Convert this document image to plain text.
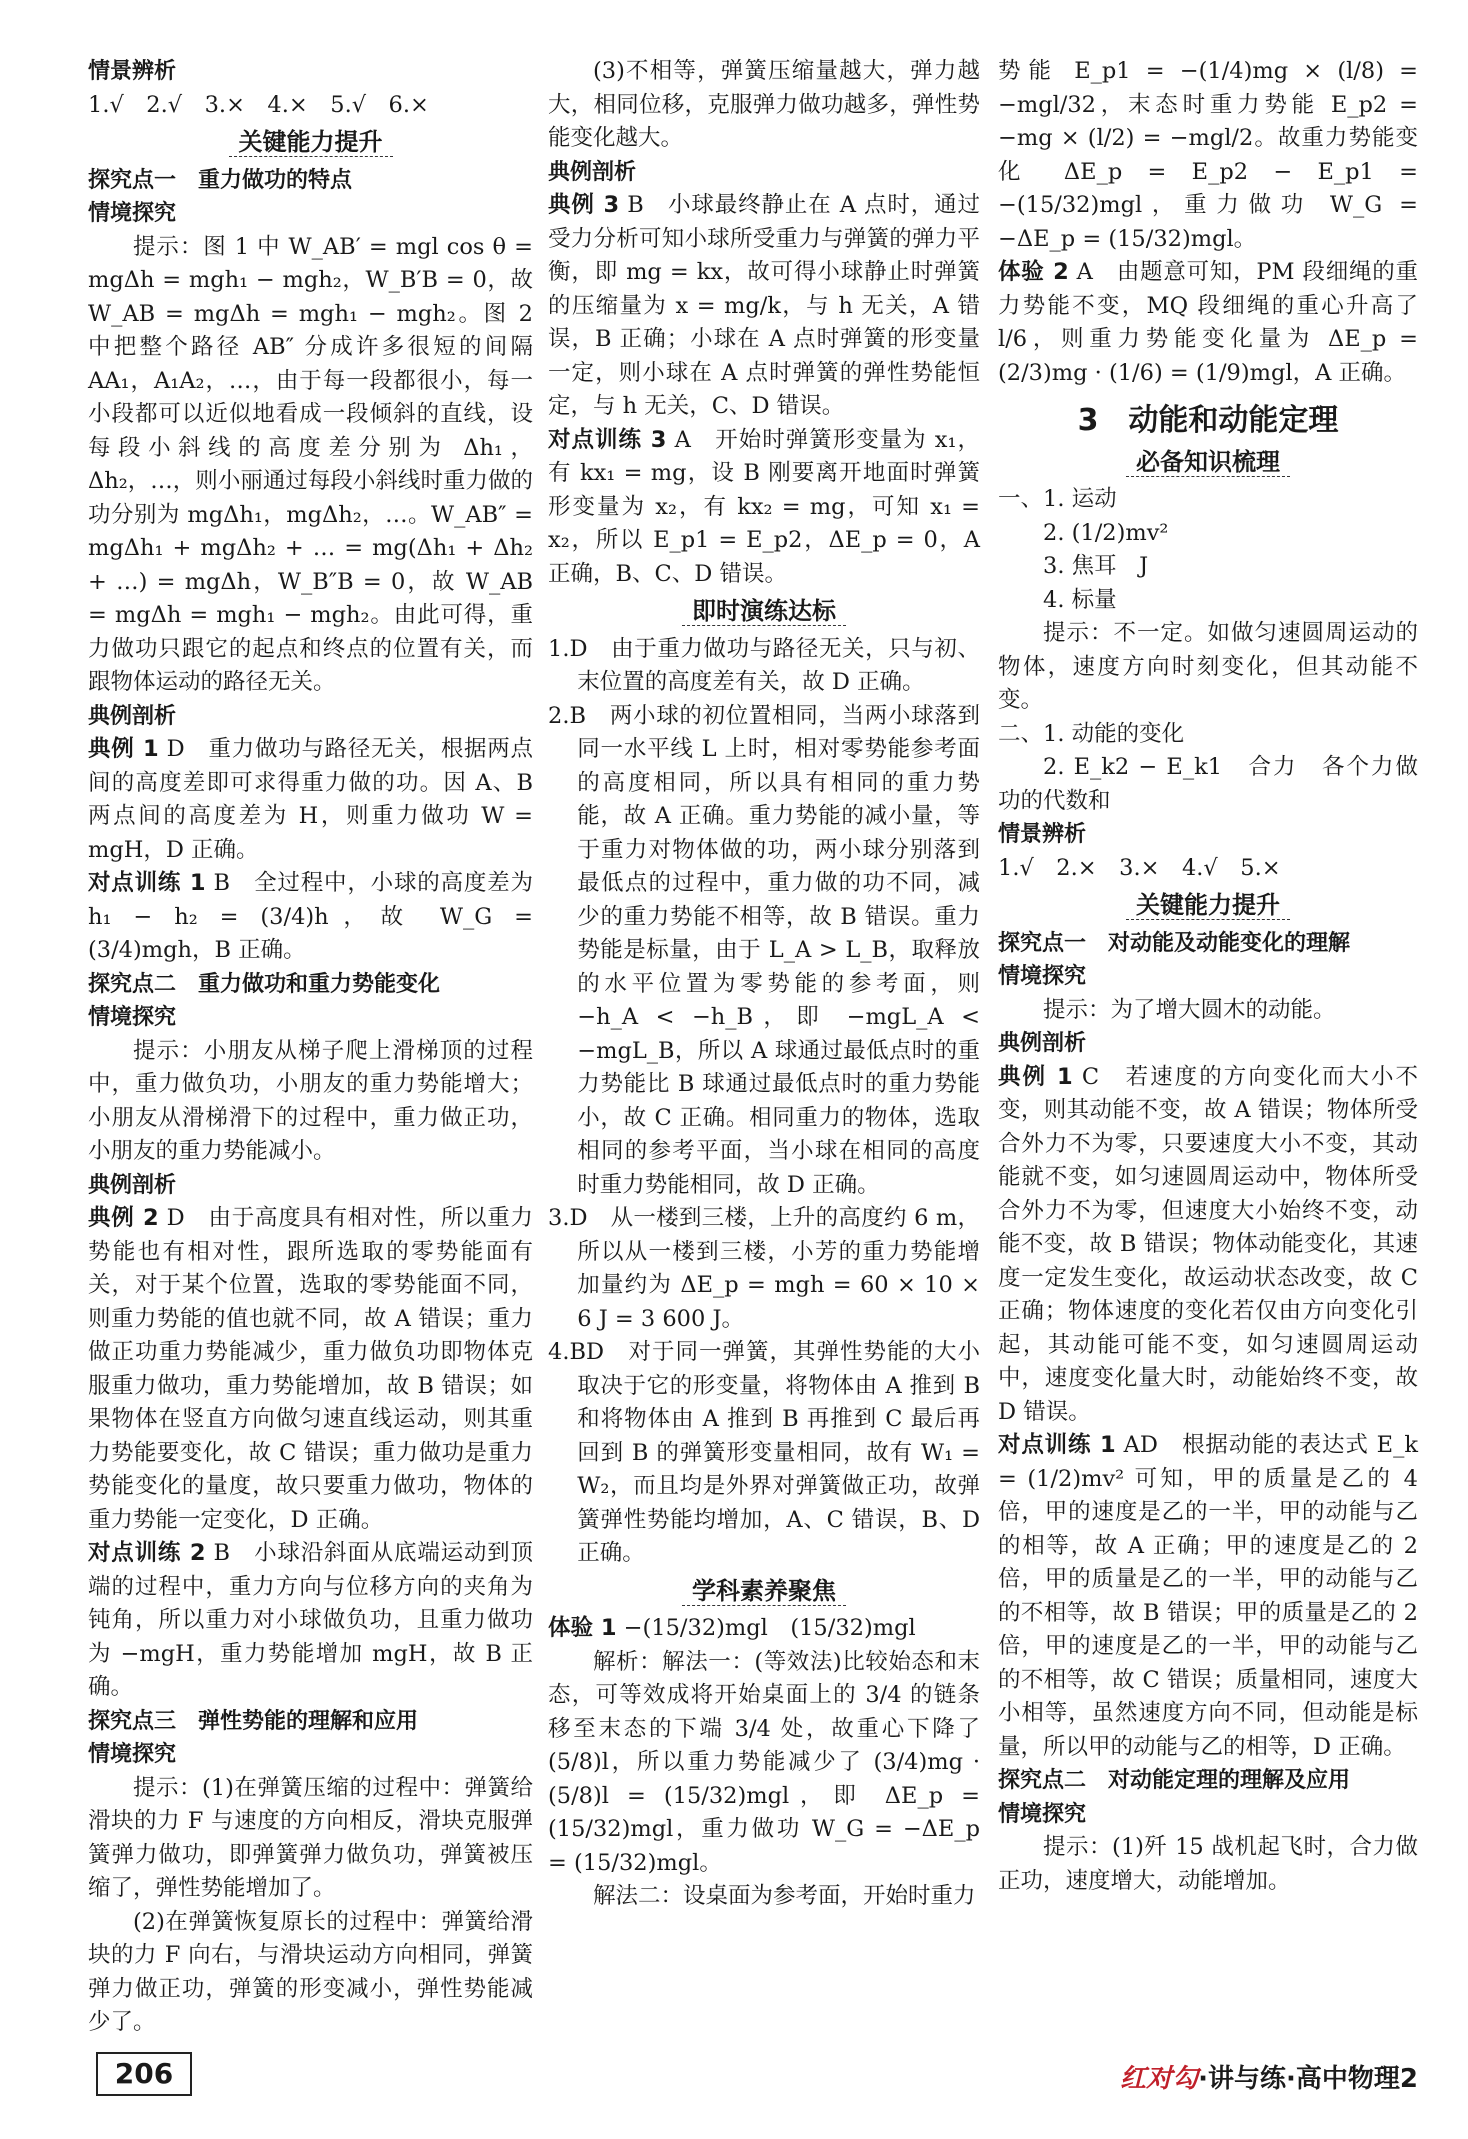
情景辨析

1.√　2.√　3.×　4.×　5.√　6.×

关键能力提升
探究点一　重力做功的特点
情境探究

提示：图 1 中 W_AB′ = mgl cos θ = mgΔh = mgh₁ − mgh₂，W_B′B = 0，故 W_AB = mgΔh = mgh₁ − mgh₂。图 2 中把整个路径 AB″ 分成许多很短的间隔 AA₁，A₁A₂，…，由于每一段都很小，每一小段都可以近似地看成一段倾斜的直线，设每段小斜线的高度差分别为 Δh₁，Δh₂，…，则小丽通过每段小斜线时重力做的功分别为 mgΔh₁，mgΔh₂，…。W_AB″ = mgΔh₁ + mgΔh₂ + … = mg(Δh₁ + Δh₂ + …) = mgΔh，W_B″B = 0，故 W_AB = mgΔh = mgh₁ − mgh₂。由此可得，重力做功只跟它的起点和终点的位置有关，而跟物体运动的路径无关。

典例剖析

典例 1 D　重力做功与路径无关，根据两点间的高度差即可求得重力做的功。因 A、B 两点间的高度差为 H，则重力做功 W = mgH，D 正确。

对点训练 1 B　全过程中，小球的高度差为 h₁ − h₂ = (3/4)h，故 W_G = (3/4)mgh，B 正确。

探究点二　重力做功和重力势能变化
情境探究

提示：小朋友从梯子爬上滑梯顶的过程中，重力做负功，小朋友的重力势能增大；小朋友从滑梯滑下的过程中，重力做正功，小朋友的重力势能减小。

典例剖析

典例 2 D　由于高度具有相对性，所以重力势能也有相对性，跟所选取的零势能面有关，对于某个位置，选取的零势能面不同，则重力势能的值也就不同，故 A 错误；重力做正功重力势能减少，重力做负功即物体克服重力做功，重力势能增加，故 B 错误；如果物体在竖直方向做匀速直线运动，则其重力势能要变化，故 C 错误；重力做功是重力势能变化的量度，故只要重力做功，物体的重力势能一定变化，D 正确。

对点训练 2 B　小球沿斜面从底端运动到顶端的过程中，重力方向与位移方向的夹角为钝角，所以重力对小球做负功，且重力做功为 −mgH，重力势能增加 mgH，故 B 正确。

探究点三　弹性势能的理解和应用
情境探究

提示：(1)在弹簧压缩的过程中：弹簧给滑块的力 F 与速度的方向相反，滑块克服弹簧弹力做功，即弹簧弹力做负功，弹簧被压缩了，弹性势能增加了。

(2)在弹簧恢复原长的过程中：弹簧给滑块的力 F 向右，与滑块运动方向相同，弹簧弹力做正功，弹簧的形变减小，弹性势能减少了。

(3)不相等，弹簧压缩量越大，弹力越大，相同位移，克服弹力做功越多，弹性势能变化越大。

典例剖析

典例 3 B　小球最终静止在 A 点时，通过受力分析可知小球所受重力与弹簧的弹力平衡，即 mg = kx，故可得小球静止时弹簧的压缩量为 x = mg/k，与 h 无关，A 错误，B 正确；小球在 A 点时弹簧的形变量一定，则小球在 A 点时弹簧的弹性势能恒定，与 h 无关，C、D 错误。

对点训练 3 A　开始时弹簧形变量为 x₁，有 kx₁ = mg，设 B 刚要离开地面时弹簧形变量为 x₂，有 kx₂ = mg，可知 x₁ = x₂，所以 E_p1 = E_p2，ΔE_p = 0，A 正确，B、C、D 错误。

即时演练达标

1.D　由于重力做功与路径无关，只与初、末位置的高度差有关，故 D 正确。

2.B　两小球的初位置相同，当两小球落到同一水平线 L 上时，相对零势能参考面的高度相同，所以具有相同的重力势能，故 A 正确。重力势能的减小量，等于重力对物体做的功，两小球分别落到最低点的过程中，重力做的功不同，减少的重力势能不相等，故 B 错误。重力势能是标量，由于 L_A > L_B，取释放的水平位置为零势能的参考面，则 −h_A < −h_B，即 −mgL_A < −mgL_B，所以 A 球通过最低点时的重力势能比 B 球通过最低点时的重力势能小，故 C 正确。相同重力的物体，选取相同的参考平面，当小球在相同的高度时重力势能相同，故 D 正确。

3.D　从一楼到三楼，上升的高度约 6 m，所以从一楼到三楼，小芳的重力势能增加量约为 ΔE_p = mgh = 60 × 10 × 6 J = 3 600 J。

4.BD　对于同一弹簧，其弹性势能的大小取决于它的形变量，将物体由 A 推到 B 和将物体由 A 推到 B 再推到 C 最后再回到 B 的弹簧形变量相同，故有 W₁ = W₂，而且均是外界对弹簧做正功，故弹簧弹性势能均增加，A、C 错误，B、D 正确。

学科素养聚焦

体验 1 −(15/32)mgl　(15/32)mgl

解析：解法一：(等效法)比较始态和末态，可等效成将开始桌面上的 3/4 的链条移至末态的下端 3/4 处，故重心下降了 (5/8)l，所以重力势能减少了 (3/4)mg · (5/8)l = (15/32)mgl，即 ΔE_p = (15/32)mgl，重力做功 W_G = −ΔE_p = (15/32)mgl。

解法二：设桌面为参考面，开始时重力

势能 E_p1 = −(1/4)mg × (l/8) = −mgl/32，末态时重力势能 E_p2 = −mg × (l/2) = −mgl/2。故重力势能变化 ΔE_p = E_p2 − E_p1 = −(15/32)mgl，重力做功 W_G = −ΔE_p = (15/32)mgl。

体验 2 A　由题意可知，PM 段细绳的重力势能不变，MQ 段细绳的重心升高了 l/6，则重力势能变化量为 ΔE_p = (2/3)mg · (1/6) = (1/9)mgl，A 正确。

3　动能和动能定理
必备知识梳理

一、1. 运动

2. (1/2)mv²

3. 焦耳　J

4. 标量

提示：不一定。如做匀速圆周运动的物体，速度方向时刻变化，但其动能不变。

二、1. 动能的变化

2. E_k2 − E_k1　合力　各个力做功的代数和

情景辨析

1.√　2.×　3.×　4.√　5.×

关键能力提升
探究点一　对动能及动能变化的理解
情境探究

提示：为了增大圆木的动能。

典例剖析

典例 1 C　若速度的方向变化而大小不变，则其动能不变，故 A 错误；物体所受合外力不为零，只要速度大小不变，其动能就不变，如匀速圆周运动中，物体所受合外力不为零，但速度大小始终不变，动能不变，故 B 错误；物体动能变化，其速度一定发生变化，故运动状态改变，故 C 正确；物体速度的变化若仅由方向变化引起，其动能可能不变，如匀速圆周运动中，速度变化量大时，动能始终不变，故 D 错误。

对点训练 1 AD　根据动能的表达式 E_k = (1/2)mv² 可知，甲的质量是乙的 4 倍，甲的速度是乙的一半，甲的动能与乙的相等，故 A 正确；甲的速度是乙的 2 倍，甲的质量是乙的一半，甲的动能与乙的不相等，故 B 错误；甲的质量是乙的 2 倍，甲的速度是乙的一半，甲的动能与乙的不相等，故 C 错误；质量相同，速度大小相等，虽然速度方向不同，但动能是标量，所以甲的动能与乙的相等，D 正确。

探究点二　对动能定理的理解及应用
情境探究

提示：(1)歼 15 战机起飞时，合力做正功，速度增大，动能增加。

206	红对勾·讲与练·高中物理2
